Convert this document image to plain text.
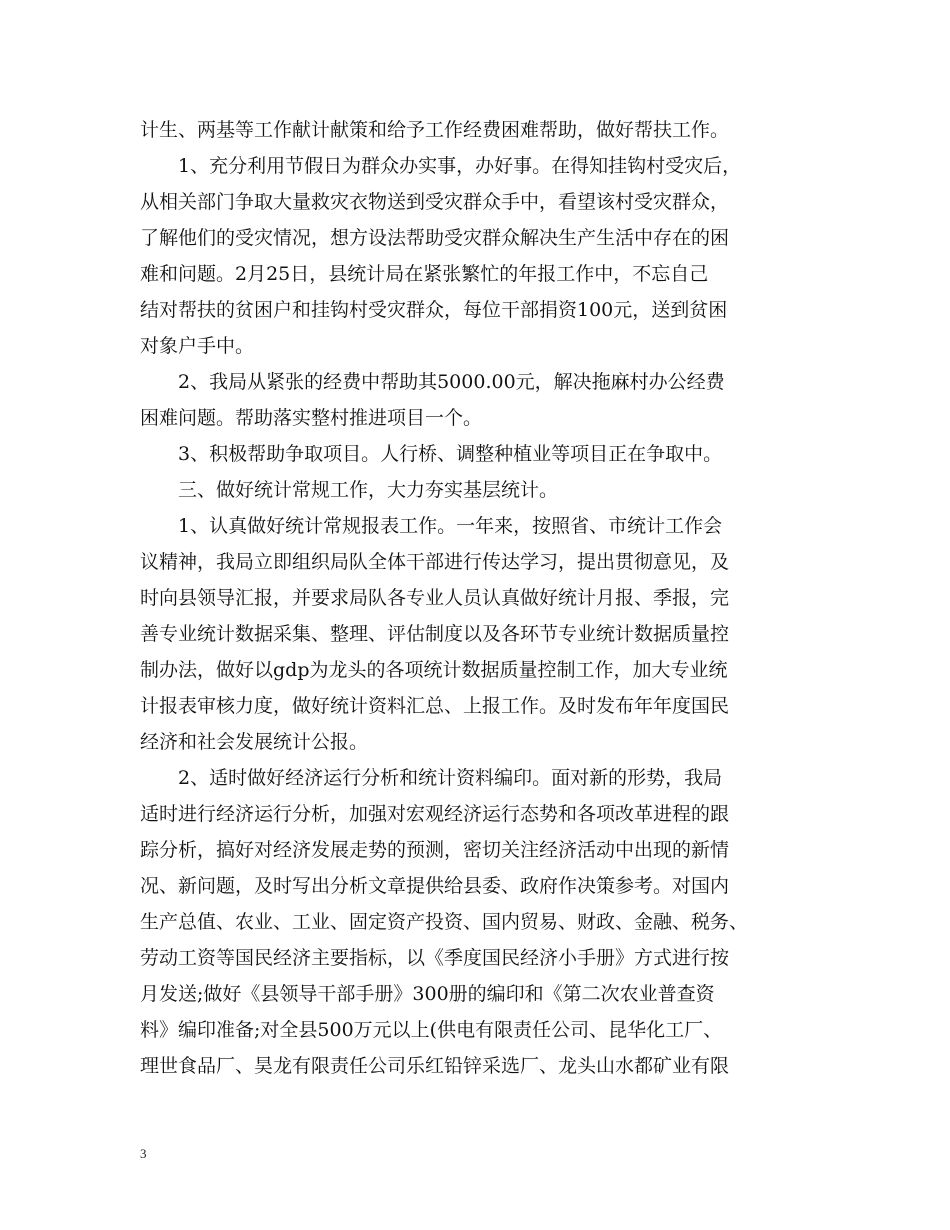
计生、两基等工作献计献策和给予工作经费困难帮助，做好帮扶工作。
1、充分利用节假日为群众办实事，办好事。在得知挂钩村受灾后，
从相关部门争取大量救灾衣物送到受灾群众手中，看望该村受灾群众，
了解他们的受灾情况，想方设法帮助受灾群众解决生产生活中存在的困
难和问题。2月25日，县统计局在紧张繁忙的年报工作中，不忘自己
结对帮扶的贫困户和挂钩村受灾群众，每位干部捐资100元，送到贫困
对象户手中。
2、我局从紧张的经费中帮助其5000.00元，解决拖麻村办公经费
困难问题。帮助落实整村推进项目一个。
3、积极帮助争取项目。人行桥、调整种植业等项目正在争取中。
三、做好统计常规工作，大力夯实基层统计。
1、认真做好统计常规报表工作。一年来，按照省、市统计工作会
议精神，我局立即组织局队全体干部进行传达学习，提出贯彻意见，及
时向县领导汇报，并要求局队各专业人员认真做好统计月报、季报，完
善专业统计数据采集、整理、评估制度以及各环节专业统计数据质量控
制办法，做好以gdp为龙头的各项统计数据质量控制工作，加大专业统
计报表审核力度，做好统计资料汇总、上报工作。及时发布年年度国民
经济和社会发展统计公报。
2、适时做好经济运行分析和统计资料编印。面对新的形势，我局
适时进行经济运行分析，加强对宏观经济运行态势和各项改革进程的跟
踪分析，搞好对经济发展走势的预测，密切关注经济活动中出现的新情
况、新问题，及时写出分析文章提供给县委、政府作决策参考。对国内
生产总值、农业、工业、固定资产投资、国内贸易、财政、金融、税务、
劳动工资等国民经济主要指标，以《季度国民经济小手册》方式进行按
月发送;做好《县领导干部手册》300册的编印和《第二次农业普查资
料》编印准备;对全县500万元以上(供电有限责任公司、昆华化工厂、
理世食品厂、昊龙有限责任公司乐红铅锌采选厂、龙头山水都矿业有限
3
